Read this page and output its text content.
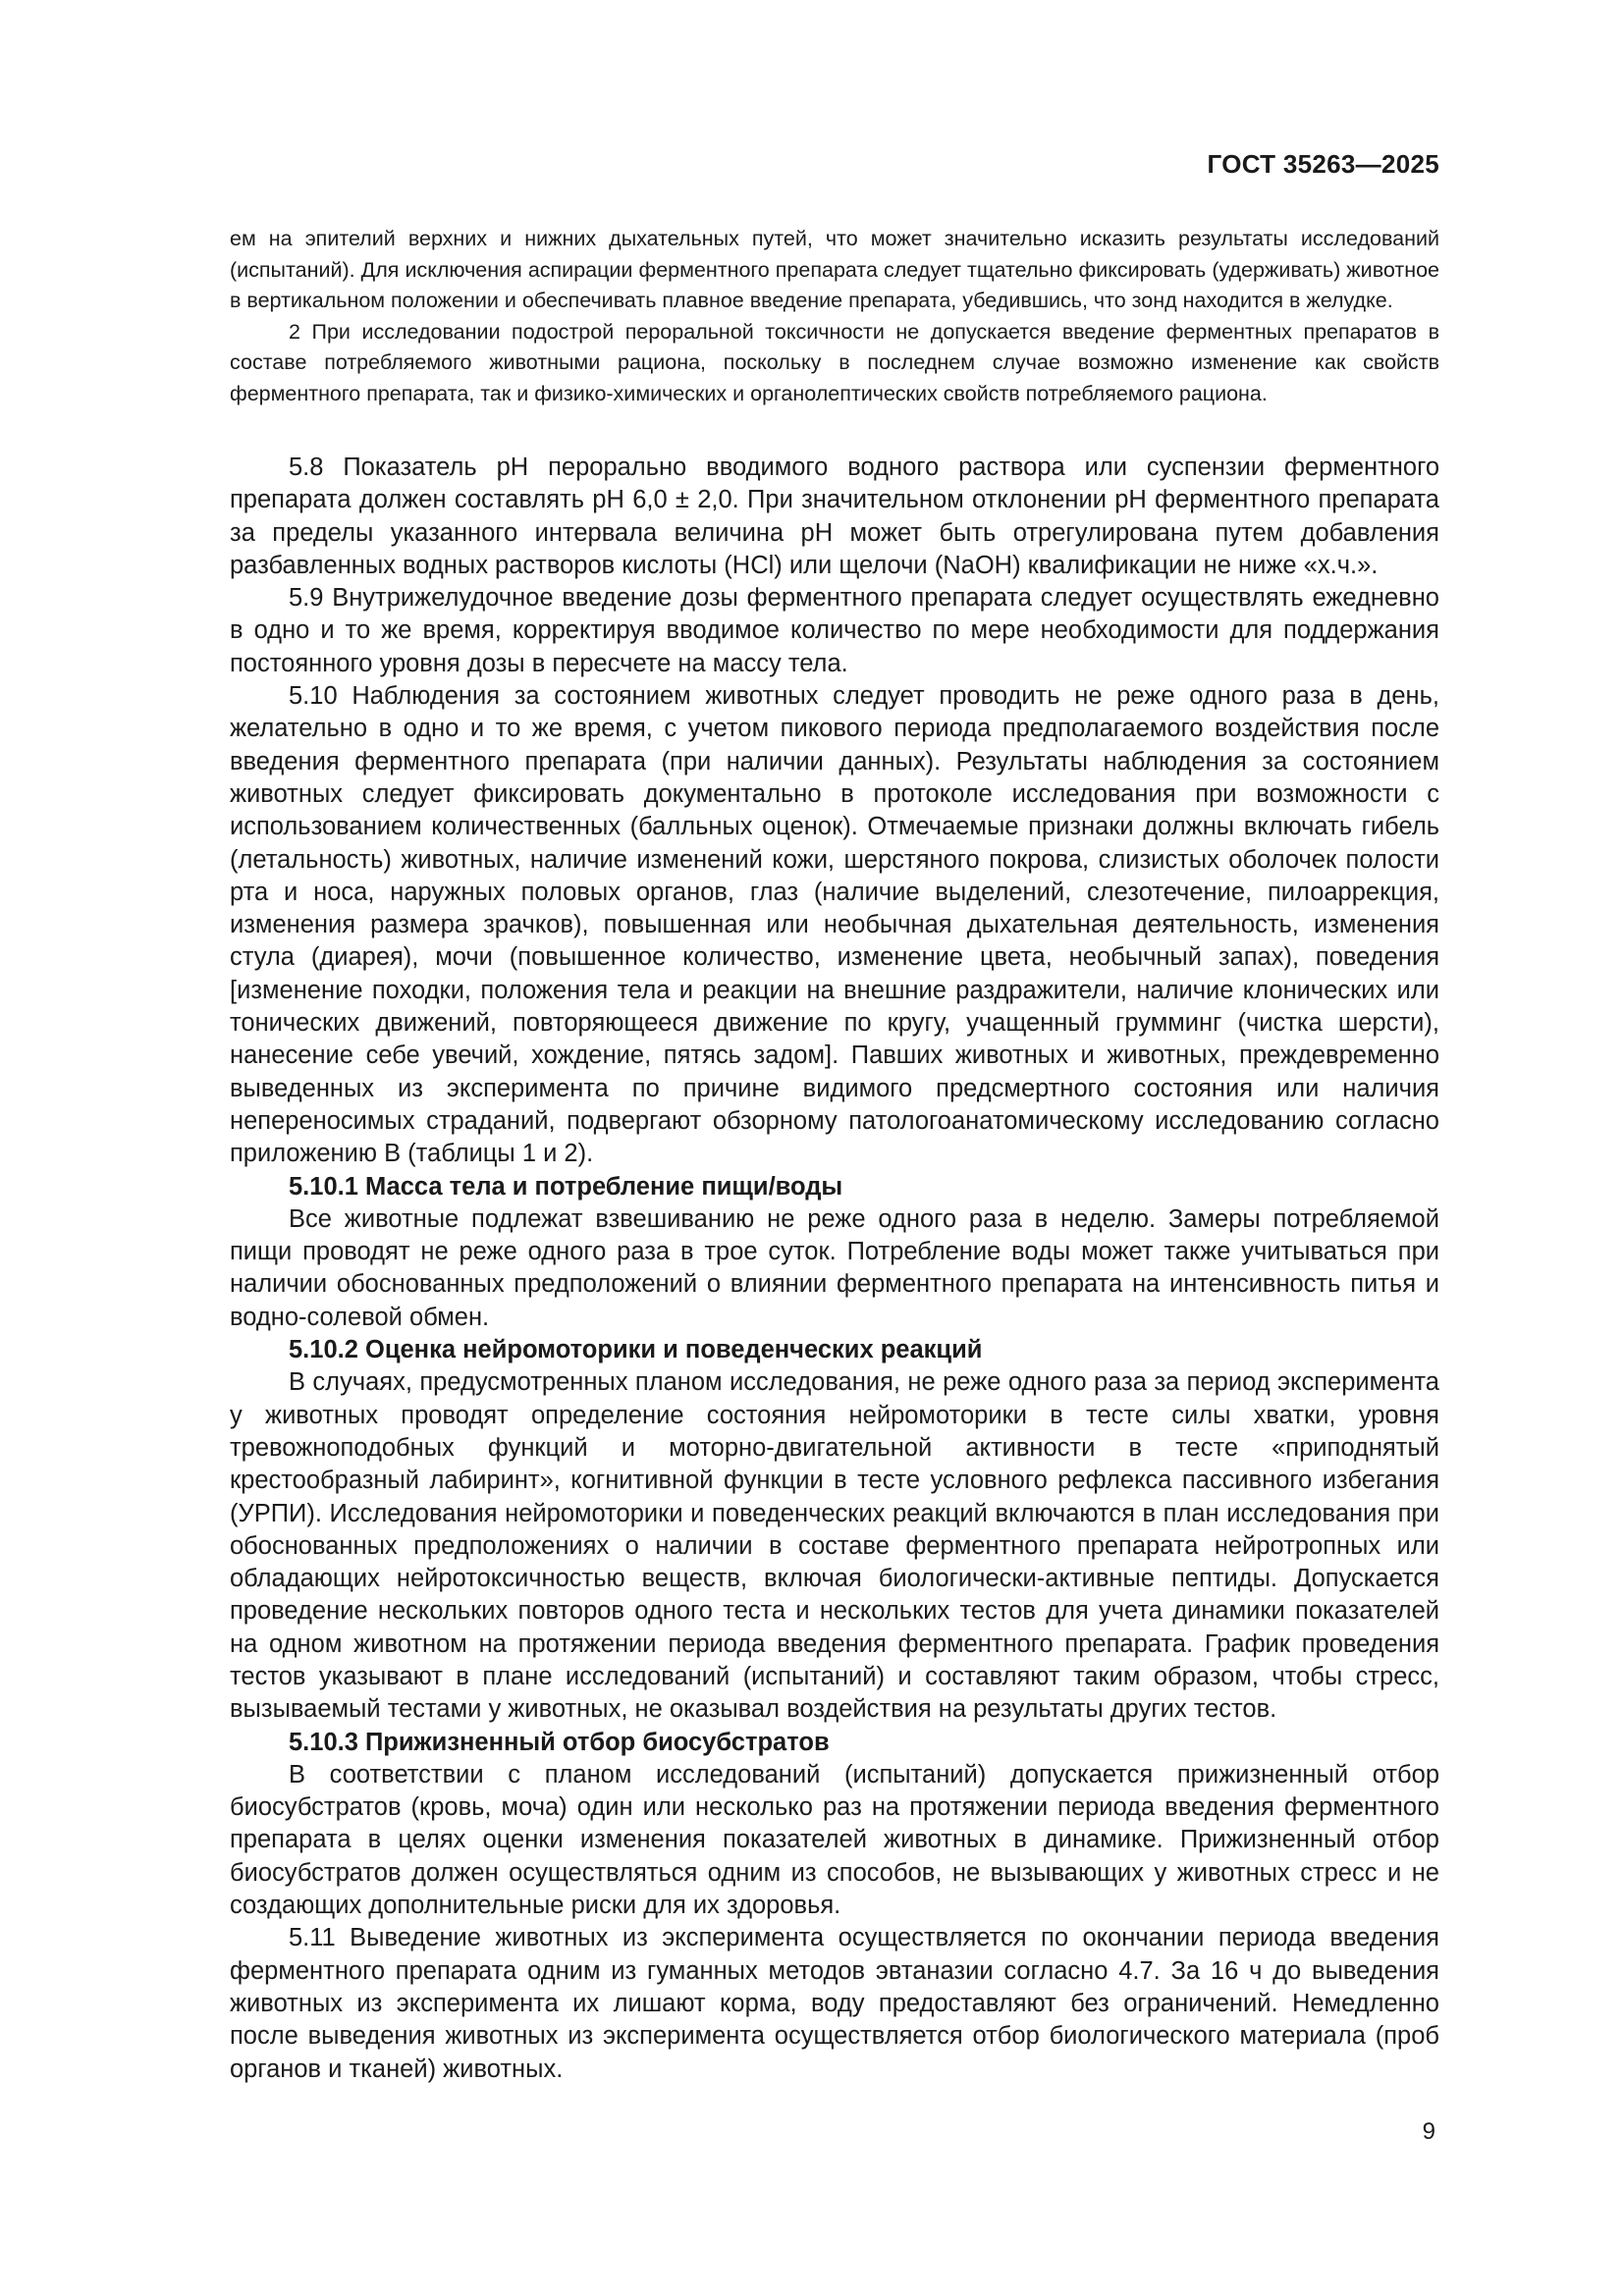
ГОСТ 35263—2025

ем на эпителий верхних и нижних дыхательных путей, что может значительно исказить результаты исследований (испытаний). Для исключения аспирации ферментного препарата следует тщательно фиксировать (удерживать) животное в вертикальном положении и обеспечивать плавное введение препарата, убедившись, что зонд находится в желудке.

2 При исследовании подострой пероральной токсичности не допускается введение ферментных препаратов в составе потребляемого животными рациона, поскольку в последнем случае возможно изменение как свойств ферментного препарата, так и физико-химических и органолептических свойств потребляемого рациона.

5.8 Показатель pH перорально вводимого водного раствора или суспензии ферментного препарата должен составлять pH 6,0 ± 2,0. При значительном отклонении pH ферментного препарата за пределы указанного интервала величина pH может быть отрегулирована путем добавления разбавленных водных растворов кислоты (HCl) или щелочи (NaOH) квалификации не ниже «х.ч.».

5.9 Внутрижелудочное введение дозы ферментного препарата следует осуществлять ежедневно в одно и то же время, корректируя вводимое количество по мере необходимости для поддержания постоянного уровня дозы в пересчете на массу тела.

5.10 Наблюдения за состоянием животных следует проводить не реже одного раза в день, желательно в одно и то же время, с учетом пикового периода предполагаемого воздействия после введения ферментного препарата (при наличии данных). Результаты наблюдения за состоянием животных следует фиксировать документально в протоколе исследования при возможности с использованием количественных (балльных оценок). Отмечаемые признаки должны включать гибель (летальность) животных, наличие изменений кожи, шерстяного покрова, слизистых оболочек полости рта и носа, наружных половых органов, глаз (наличие выделений, слезотечение, пилоаррекция, изменения размера зрачков), повышенная или необычная дыхательная деятельность, изменения стула (диарея), мочи (повышенное количество, изменение цвета, необычный запах), поведения [изменение походки, положения тела и реакции на внешние раздражители, наличие клонических или тонических движений, повторяющееся движение по кругу, учащенный грумминг (чистка шерсти), нанесение себе увечий, хождение, пятясь задом]. Павших животных и животных, преждевременно выведенных из эксперимента по причине видимого предсмертного состояния или наличия непереносимых страданий, подвергают обзорному патологоанатомическому исследованию согласно приложению В (таблицы 1 и 2).

5.10.1 Масса тела и потребление пищи/воды

Все животные подлежат взвешиванию не реже одного раза в неделю. Замеры потребляемой пищи проводят не реже одного раза в трое суток. Потребление воды может также учитываться при наличии обоснованных предположений о влиянии ферментного препарата на интенсивность питья и водно-солевой обмен.

5.10.2 Оценка нейромоторики и поведенческих реакций

В случаях, предусмотренных планом исследования, не реже одного раза за период эксперимента у животных проводят определение состояния нейромоторики в тесте силы хватки, уровня тревожноподобных функций и моторно-двигательной активности в тесте «приподнятый крестообразный лабиринт», когнитивной функции в тесте условного рефлекса пассивного избегания (УРПИ). Исследования нейромоторики и поведенческих реакций включаются в план исследования при обоснованных предположениях о наличии в составе ферментного препарата нейротропных или обладающих нейротоксичностью веществ, включая биологически-активные пептиды. Допускается проведение нескольких повторов одного теста и нескольких тестов для учета динамики показателей на одном животном на протяжении периода введения ферментного препарата. График проведения тестов указывают в плане исследований (испытаний) и составляют таким образом, чтобы стресс, вызываемый тестами у животных, не оказывал воздействия на результаты других тестов.

5.10.3 Прижизненный отбор биосубстратов

В соответствии с планом исследований (испытаний) допускается прижизненный отбор биосубстратов (кровь, моча) один или несколько раз на протяжении периода введения ферментного препарата в целях оценки изменения показателей животных в динамике. Прижизненный отбор биосубстратов должен осуществляться одним из способов, не вызывающих у животных стресс и не создающих дополнительные риски для их здоровья.

5.11 Выведение животных из эксперимента осуществляется по окончании периода введения ферментного препарата одним из гуманных методов эвтаназии согласно 4.7. За 16 ч до выведения животных из эксперимента их лишают корма, воду предоставляют без ограничений. Немедленно после выведения животных из эксперимента осуществляется отбор биологического материала (проб органов и тканей) животных.

9
